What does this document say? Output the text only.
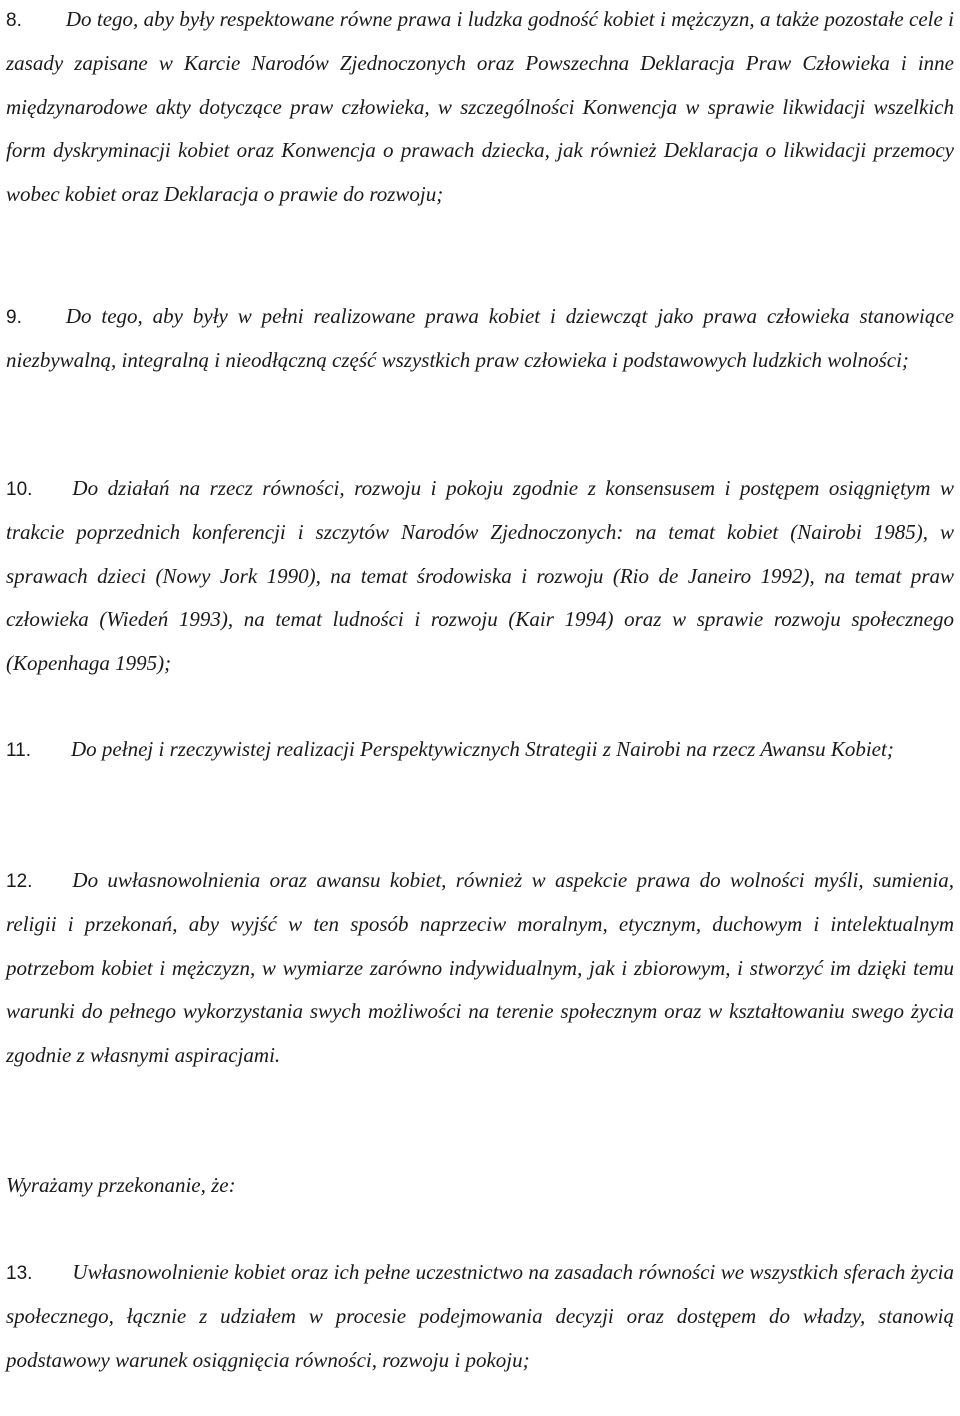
8. Do tego, aby były respektowane równe prawa i ludzka godność kobiet i mężczyzn, a także pozostałe cele i zasady zapisane w Karcie Narodów Zjednoczonych oraz Powszechna Deklaracja Praw Człowieka i inne międzynarodowe akty dotyczące praw człowieka, w szczególności Konwencja w sprawie likwidacji wszelkich form dyskryminacji kobiet oraz Konwencja o prawach dziecka, jak również Deklaracja o likwidacji przemocy wobec kobiet oraz Deklaracja o prawie do rozwoju;

9. Do tego, aby były w pełni realizowane prawa kobiet i dziewcząt jako prawa człowieka stanowiące niezbywalną, integralną i nieodłączną część wszystkich praw człowieka i podstawowych ludzkich wolności;

10. Do działań na rzecz równości, rozwoju i pokoju zgodnie z konsensusem i postępem osiągniętym w trakcie poprzednich konferencji i szczytów Narodów Zjednoczonych: na temat kobiet (Nairobi 1985), w sprawach dzieci (Nowy Jork 1990), na temat środowiska i rozwoju (Rio de Janeiro 1992), na temat praw człowieka (Wiedeń 1993), na temat ludności i rozwoju (Kair 1994) oraz w sprawie rozwoju społecznego (Kopenhaga 1995);

11. Do pełnej i rzeczywistej realizacji Perspektywicznych Strategii z Nairobi na rzecz Awansu Kobiet;

12. Do uwłasnowolnienia oraz awansu kobiet, również w aspekcie prawa do wolności myśli, sumienia, religii i przekonań, aby wyjść w ten sposób naprzeciw moralnym, etycznym, duchowym i intelektualnym potrzebom kobiet i mężczyzn, w wymiarze zarówno indywidualnym, jak i zbiorowym, i stworzyć im dzięki temu warunki do pełnego wykorzystania swych możliwości na terenie społecznym oraz w kształtowaniu swego życia zgodnie z własnymi aspiracjami.

Wyrażamy przekonanie, że:

13. Uwłasnowolnienie kobiet oraz ich pełne uczestnictwo na zasadach równości we wszystkich sferach życia społecznego, łącznie z udziałem w procesie podejmowania decyzji oraz dostępem do władzy, stanowią podstawowy warunek osiągnięcia równości, rozwoju i pokoju;
